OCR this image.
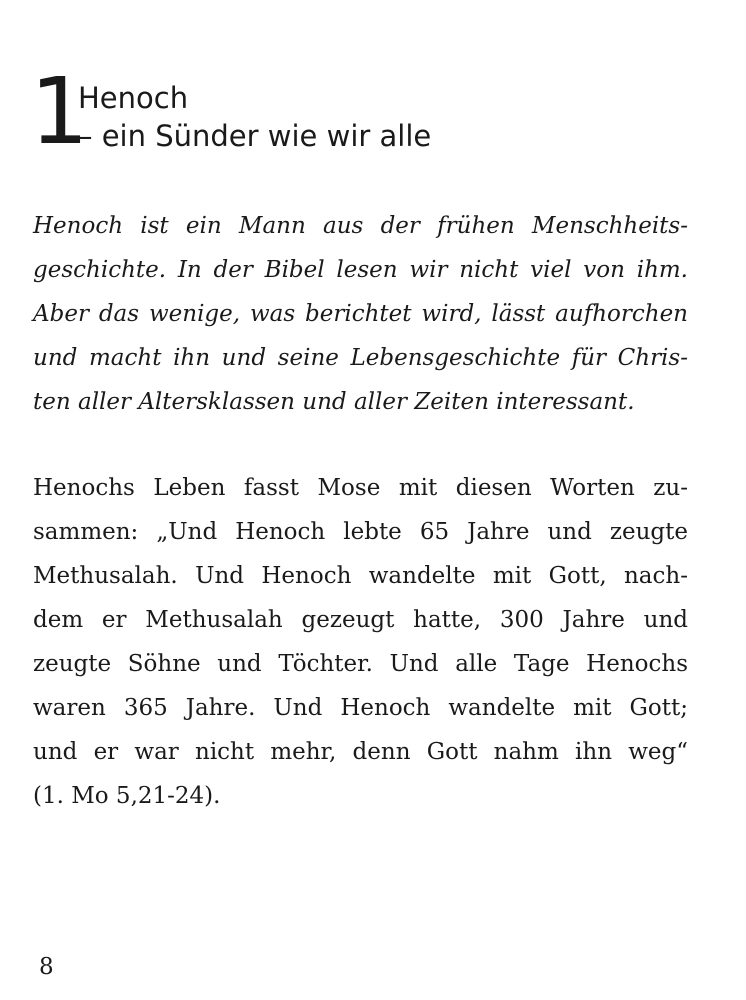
1
Henoch
– ein Sünder wie wir alle

Henoch ist ein Mann aus der frühen Menschheits-
geschichte. In der Bibel lesen wir nicht viel von ihm.
Aber das wenige, was berichtet wird, lässt aufhorchen
und macht ihn und seine Lebensgeschichte für Chris-
ten aller Altersklassen und aller Zeiten interessant.

Henochs Leben fasst Mose mit diesen Worten zu-
sammen: „Und Henoch lebte 65 Jahre und zeugte
Methusalah. Und Henoch wandelte mit Gott, nach-
dem er Methusalah gezeugt hatte, 300 Jahre und
zeugte Söhne und Töchter. Und alle Tage Henochs
waren 365 Jahre. Und Henoch wandelte mit Gott;
und er war nicht mehr, denn Gott nahm ihn weg“
(1. Mo 5,21-24).

8
